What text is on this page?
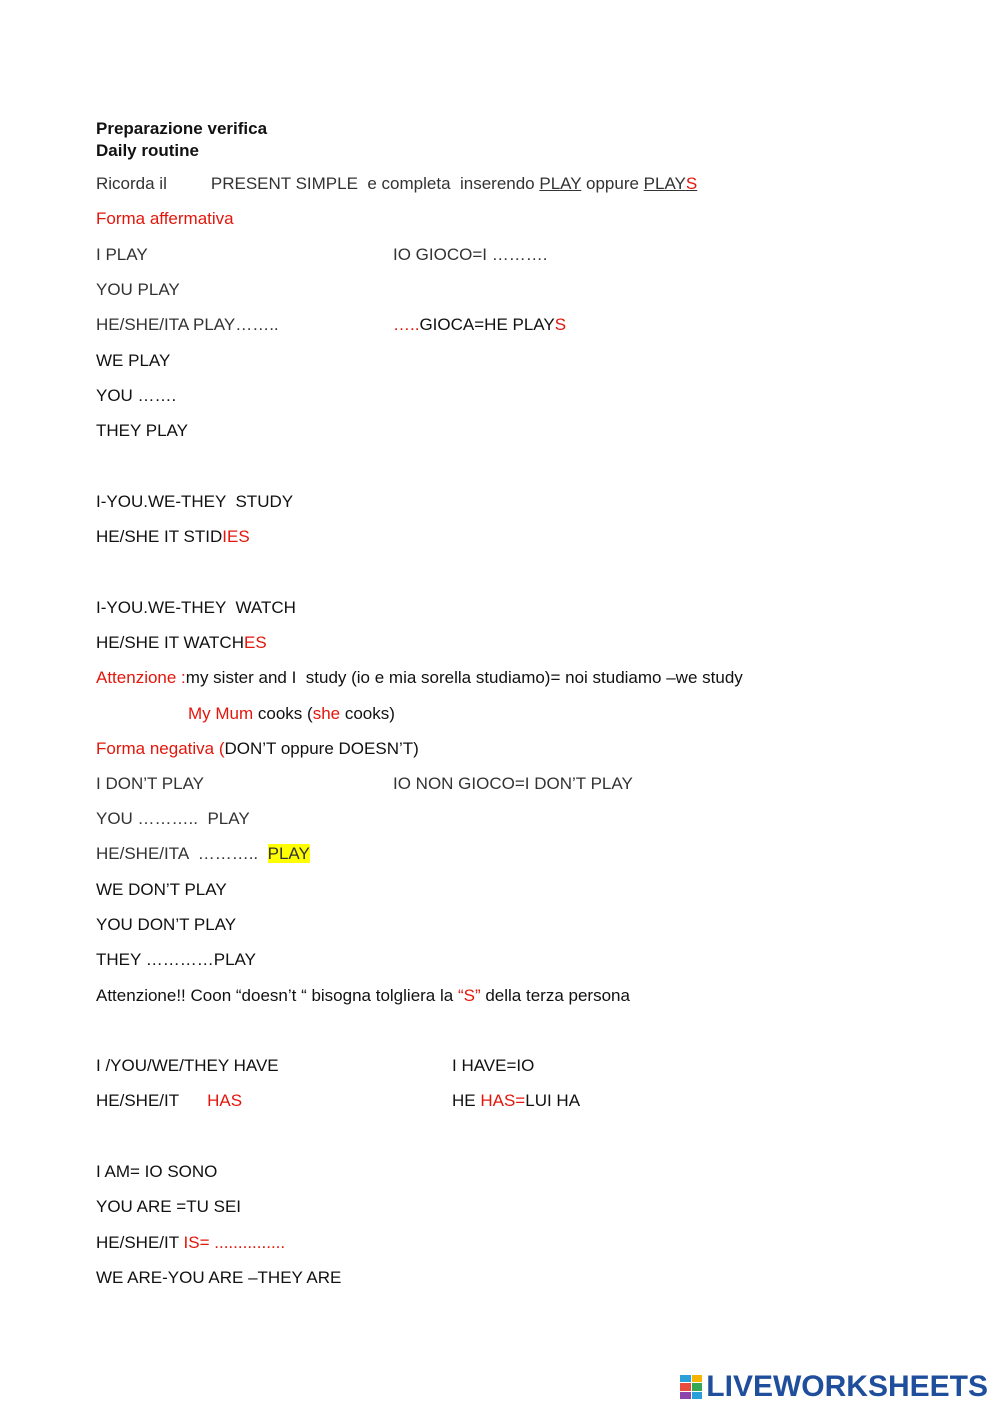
Preparazione verifica
Daily routine
Ricorda il	PRESENT SIMPLE  e completa  inserendo PLAY oppure PLAYS
Forma affermativa
I PLAY	IO GIOCO=I ……….
YOU PLAY
HE/SHE/ITA PLAY……..	…..GIOCA=HE PLAYS
WE PLAY
YOU …….
THEY PLAY
I-YOU.WE-THEY  STUDY
HE/SHE IT STIDIES
I-YOU.WE-THEY  WATCH
HE/SHE IT WATCHES
Attenzione :my sister and I  study (io e mia sorella studiamo)= noi studiamo –we study
My Mum cooks (she cooks)
Forma negativa (DON’T oppure DOESN’T)
I DON’T PLAY	IO NON GIOCO=I DON’T PLAY
YOU ………..  PLAY
HE/SHE/ITA  ………..  PLAY
WE DON’T PLAY
YOU DON’T PLAY
THEY …………PLAY
Attenzione!! Coon “doesn’t “ bisogna tolgliera la “S” della terza persona
I /YOU/WE/THEY HAVE	I HAVE=IO
HE/SHE/IT      HAS	HE HAS=LUI HA
I AM= IO SONO
YOU ARE =TU SEI
HE/SHE/IT IS= ...............
WE ARE-YOU ARE –THEY ARE
LIVEWORKSHEETS
